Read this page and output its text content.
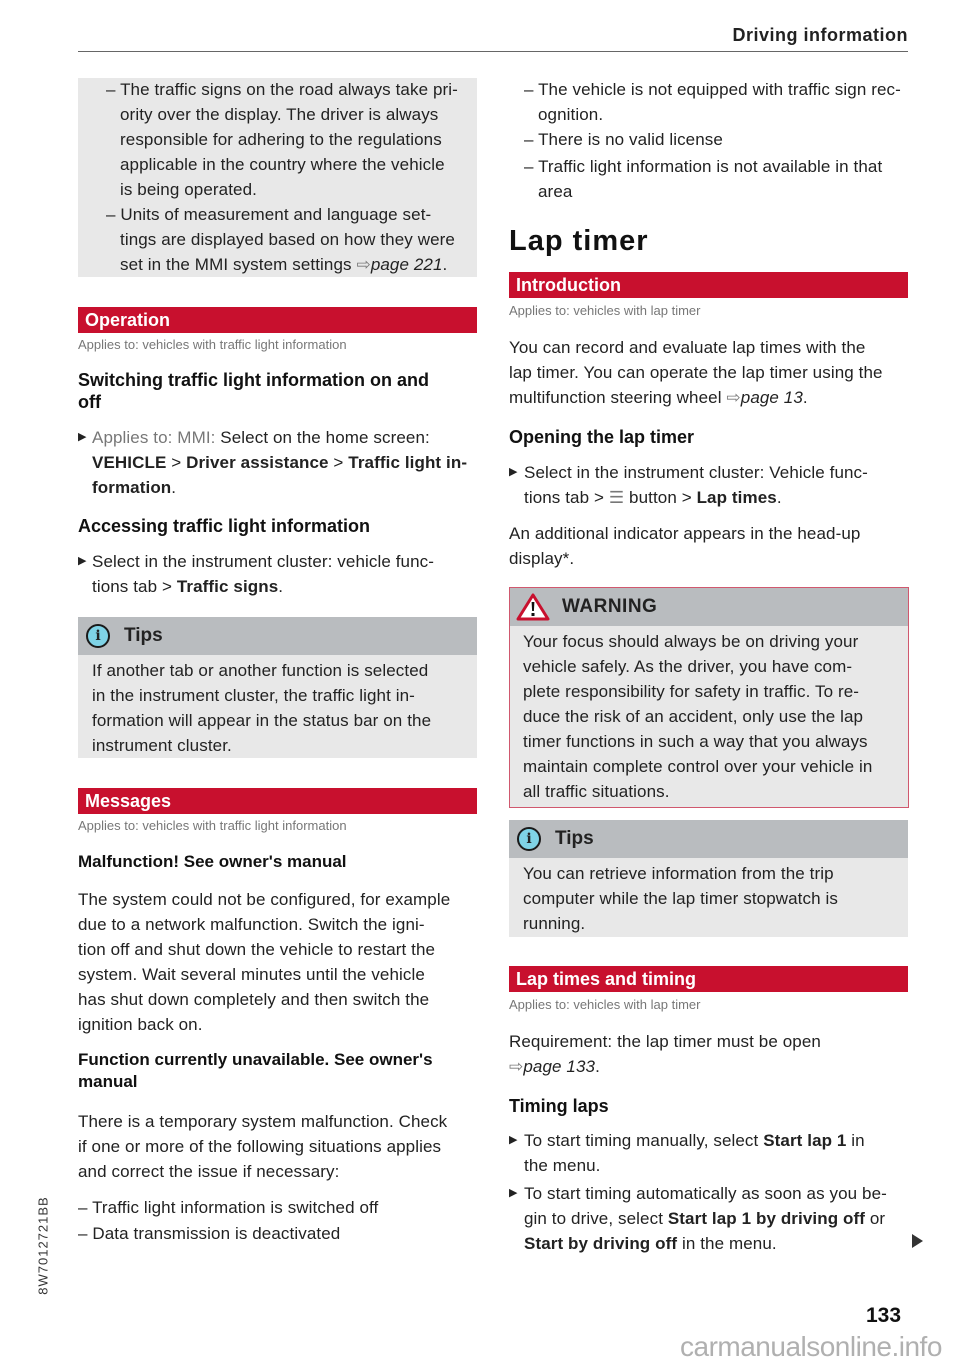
Driving information
8W7012721BB
– The traffic signs on the road always take pri-
ority over the display. The driver is always
responsible for adhering to the regulations
applicable in the country where the vehicle
is being operated.
– Units of measurement and language set-
tings are displayed based on how they were
set in the MMI system settings ⇨page 221.
Operation
Applies to: vehicles with traffic light information
Switching traffic light information on and
off
▶ Applies to: MMI: Select on the home screen:
VEHICLE > Driver assistance > Traffic light in-
formation.
Accessing traffic light information
▶ Select in the instrument cluster: vehicle func-
tions tab > Traffic signs.
i	Tips
If another tab or another function is selected
in the instrument cluster, the traffic light in-
formation will appear in the status bar on the
instrument cluster.
Messages
Applies to: vehicles with traffic light information
Malfunction! See owner's manual
The system could not be configured, for example
due to a network malfunction. Switch the igni-
tion off and shut down the vehicle to restart the
system. Wait several minutes until the vehicle
has shut down completely and then switch the
ignition back on.
Function currently unavailable. See owner's
manual
There is a temporary system malfunction. Check
if one or more of the following situations applies
and correct the issue if necessary:
– Traffic light information is switched off
– Data transmission is deactivated
– The vehicle is not equipped with traffic sign rec-
ognition.
– There is no valid license
– Traffic light information is not available in that
area
Lap timer
Introduction
Applies to: vehicles with lap timer
You can record and evaluate lap times with the
lap timer. You can operate the lap timer using the
multifunction steering wheel ⇨page 13.
Opening the lap timer
▶ Select in the instrument cluster: Vehicle func-
tions tab > ☰ button > Lap times.
An additional indicator appears in the head-up
display*.
WARNING
Your focus should always be on driving your
vehicle safely. As the driver, you have com-
plete responsibility for safety in traffic. To re-
duce the risk of an accident, only use the lap
timer functions in such a way that you always
maintain complete control over your vehicle in
all traffic situations.
i	Tips
You can retrieve information from the trip
computer while the lap timer stopwatch is
running.
Lap times and timing
Applies to: vehicles with lap timer
Requirement: the lap timer must be open
⇨page 133.
Timing laps
▶ To start timing manually, select Start lap 1 in
the menu.
▶ To start timing automatically as soon as you be-
gin to drive, select Start lap 1 by driving off or
Start by driving off in the menu.
133
carmanualsonline.info
